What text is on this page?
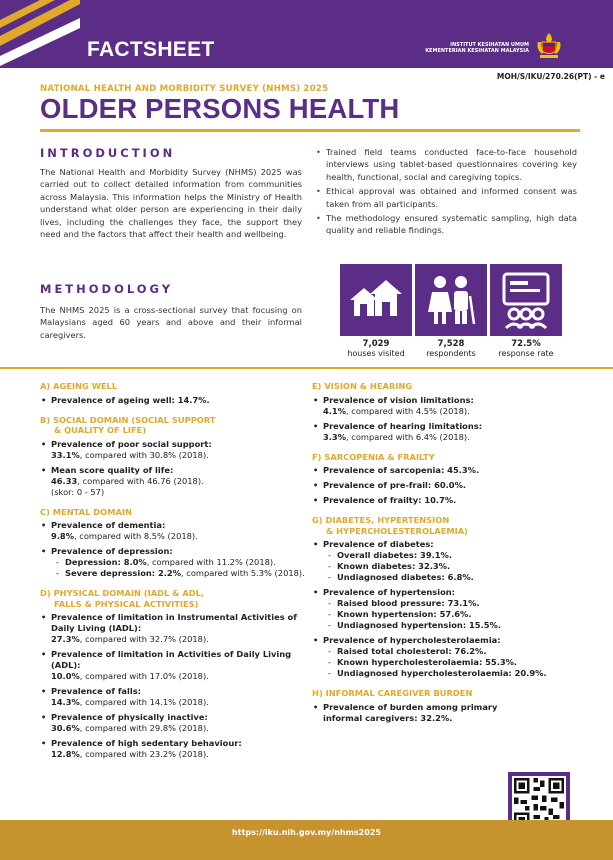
FACTSHEET	INSTITUT KESIHATAN UMUM
KEMENTERIAN KESIHATAN MALAYSIA
MOH/S/IKU/270.26(PT) - e
NATIONAL HEALTH AND MORBIDITY SURVEY (NHMS) 2025
OLDER PERSONS HEALTH
INTRODUCTION
The National Health and Morbidity Survey (NHMS) 2025 was carried out to collect detailed information from communities across Malaysia. This information helps the Ministry of Health understand what older person are experiencing in their daily lives, including the challenges they face, the support they need and the factors that affect their health and wellbeing.
METHODOLOGY
The NHMS 2025 is a cross-sectional survey that focusing on Malaysians aged 60 years and above and their informal caregivers.
• Trained field teams conducted face-to-face household interviews using tablet-based questionnaires covering key health, functional, social and caregiving topics.
• Ethical approval was obtained and informed consent was taken from all participants.
• The methodology ensured systematic sampling, high data quality and reliable findings.
7,029
houses visited
7,528
respondents
72.5%
response rate
A) AGEING WELL
• Prevalence of ageing well: 14.7%.
B) SOCIAL DOMAIN (SOCIAL SUPPORT
& QUALITY OF LIFE)
• Prevalence of poor social support:
33.1%, compared with 30.8% (2018).
• Mean score quality of life:
46.33, compared with 46.76 (2018).
(skor: 0 - 57)
C) MENTAL DOMAIN
• Prevalence of dementia:
9.8%, compared with 8.5% (2018).
• Prevalence of depression:
- Depression: 8.0%, compared with 11.2% (2018).
- Severe depression: 2.2%, compared with 5.3% (2018).
D) PHYSICAL DOMAIN (IADL & ADL,
FALLS & PHYSICAL ACTIVITIES)
• Prevalence of limitation in Instrumental Activities of Daily Living (IADL):
27.3%, compared with 32.7% (2018).
• Prevalence of limitation in Activities of Daily Living (ADL):
10.0%, compared with 17.0% (2018).
• Prevalence of falls:
14.3%, compared with 14.1% (2018).
• Prevalence of physically inactive:
30.6%, compared with 29.8% (2018).
• Prevalence of high sedentary behaviour:
12.8%, compared with 23.2% (2018).
E) VISION & HEARING
• Prevalence of vision limitations:
4.1%, compared with 4.5% (2018).
• Prevalence of hearing limitations:
3.3%, compared with 6.4% (2018).
F) SARCOPENIA & FRAILTY
• Prevalence of sarcopenia: 45.3%.
• Prevalence of pre-frail: 60.0%.
• Prevalence of frailty: 10.7%.
G) DIABETES, HYPERTENSION
& HYPERCHOLESTEROLAEMIA)
• Prevalence of diabetes:
- Overall diabetes: 39.1%.
- Known diabetes: 32.3%.
- Undiagnosed diabetes: 6.8%.
• Prevalence of hypertension:
- Raised blood pressure: 73.1%.
- Known hypertension: 57.6%.
- Undiagnosed hypertension: 15.5%.
• Prevalence of hypercholesterolaemia:
- Raised total cholesterol: 76.2%.
- Known hypercholesterolaemia: 55.3%.
- Undiagnosed hypercholesterolaemia: 20.9%.
H) INFORMAL CAREGIVER BURDEN
• Prevalence of burden among primary informal caregivers: 32.2%.
https://iku.nih.gov.my/nhms2025
